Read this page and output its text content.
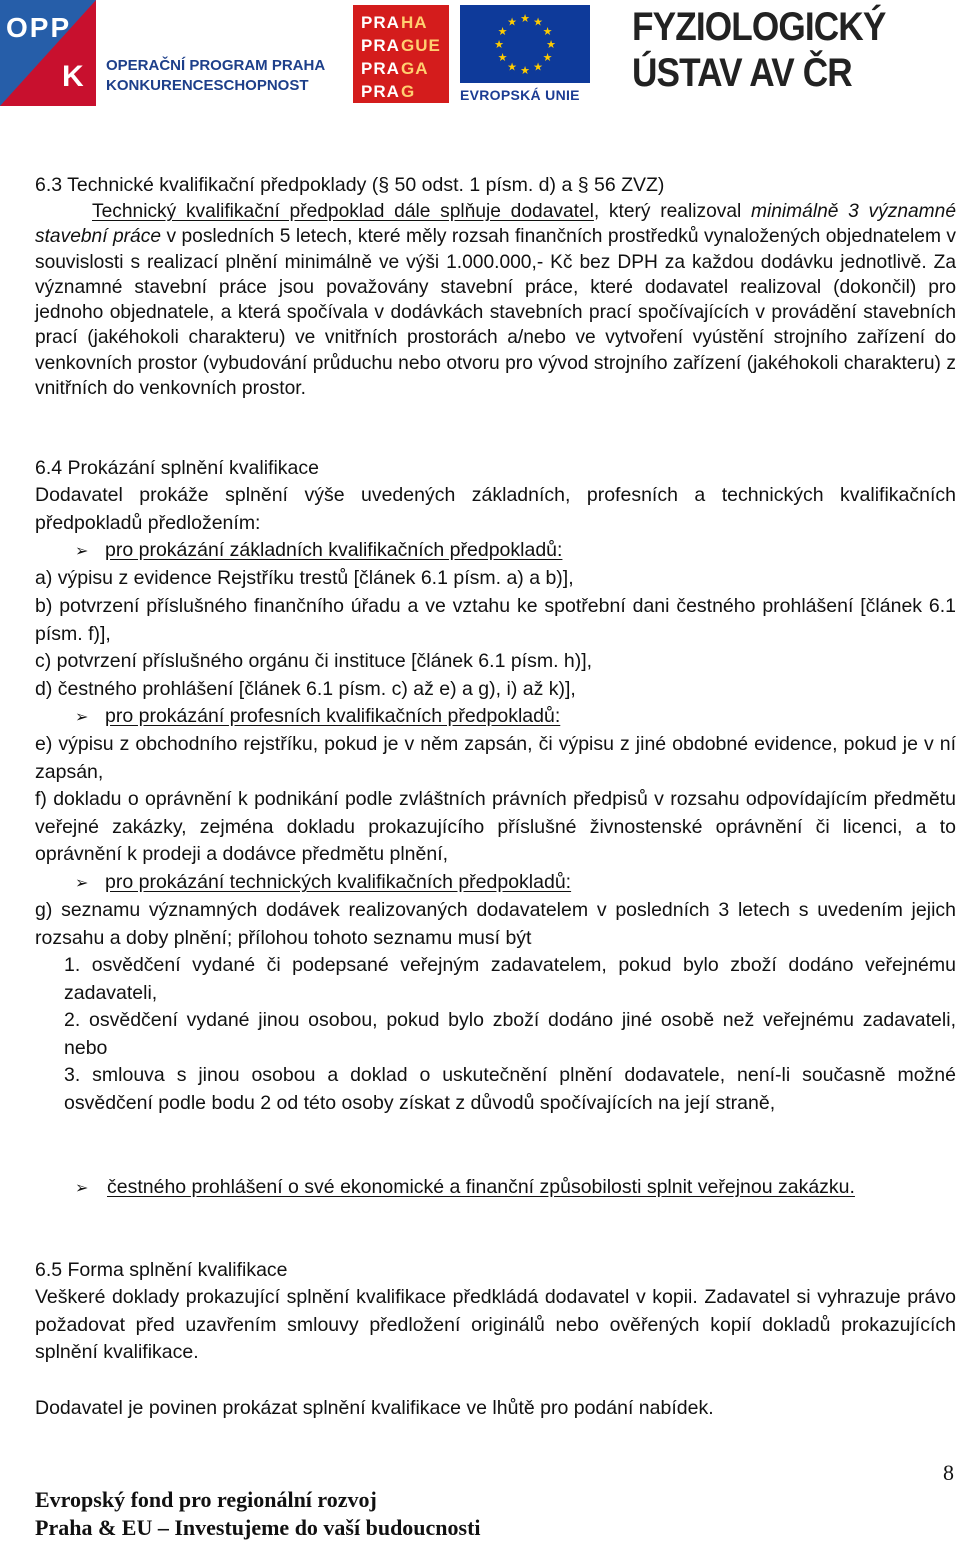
OPP
K OPERAČNÍ PROGRAM PRAHA
KONKURENCESCHOPNOST
PRAHA
PRAGUE
PRAGA
PRAG
★ ★
★
★
★
★
★
★
★
★
★
★
EVROPSKÁ UNIE
FYZIOLOGICKÝ
ÚSTAV AV ČR
6.3 Technické kvalifikační předpoklady (§ 50 odst. 1 písm. d) a § 56 ZVZ)
Technický kvalifikační předpoklad dále splňuje dodavatel, který realizoval minimálně 3 významné stavební práce v posledních 5 letech, které měly rozsah finančních prostředků vynaložených objednatelem v souvislosti s realizací plnění minimálně ve výši 1.000.000,- Kč bez DPH za každou dodávku jednotlivě. Za významné stavební práce jsou považovány stavební práce, které dodavatel realizoval (dokončil) pro jednoho objednatele, a která spočívala v dodávkách stavebních prací spočívajících v provádění stavebních prací (jakéhokoli charakteru) ve vnitřních prostorách a/nebo ve vytvoření vyústění strojního zařízení do venkovních prostor (vybudování průduchu nebo otvoru pro vývod strojního zařízení (jakéhokoli charakteru) z vnitřních do venkovních prostor.
6.4 Prokázání splnění kvalifikace
Dodavatel prokáže splnění výše uvedených základních, profesních a technických kvalifikačních předpokladů předložením:
➢ pro prokázání základních kvalifikačních předpokladů:
a) výpisu z evidence Rejstříku trestů [článek 6.1 písm. a) a b)],
b) potvrzení příslušného finančního úřadu a ve vztahu ke spotřební dani čestného prohlášení [článek 6.1 písm. f)],
c) potvrzení příslušného orgánu či instituce [článek 6.1 písm. h)],
d) čestného prohlášení [článek 6.1 písm. c) až e) a g), i) až k)],
➢ pro prokázání profesních kvalifikačních předpokladů:
e) výpisu z obchodního rejstříku, pokud je v něm zapsán, či výpisu z jiné obdobné evidence, pokud je v ní zapsán,
f) dokladu o oprávnění k podnikání podle zvláštních právních předpisů v rozsahu odpovídajícím předmětu veřejné zakázky, zejména dokladu prokazujícího příslušné živnostenské oprávnění či licenci, a to oprávnění k prodeji a dodávce předmětu plnění,
➢ pro prokázání technických kvalifikačních předpokladů:
g) seznamu významných dodávek realizovaných dodavatelem v posledních 3 letech s uvedením jejich rozsahu a doby plnění; přílohou tohoto seznamu musí být
1. osvědčení vydané či podepsané veřejným zadavatelem, pokud bylo zboží dodáno veřejnému zadavateli,
2. osvědčení vydané jinou osobou, pokud bylo zboží dodáno jiné osobě než veřejnému zadavateli, nebo
3. smlouva s jinou osobou a doklad o uskutečnění plnění dodavatele, není-li současně možné osvědčení podle bodu 2 od této osoby získat z důvodů spočívajících na její straně,
➢ čestného prohlášení o své ekonomické a finanční způsobilosti splnit veřejnou zakázku.
6.5 Forma splnění kvalifikace
Veškeré doklady prokazující splnění kvalifikace předkládá dodavatel v kopii. Zadavatel si vyhrazuje právo požadovat před uzavřením smlouvy předložení originálů nebo ověřených kopií dokladů prokazujících splnění kvalifikace.
Dodavatel je povinen prokázat splnění kvalifikace ve lhůtě pro podání nabídek.
8
Evropský fond pro regionální rozvoj
Praha & EU – Investujeme do vaší budoucnosti
